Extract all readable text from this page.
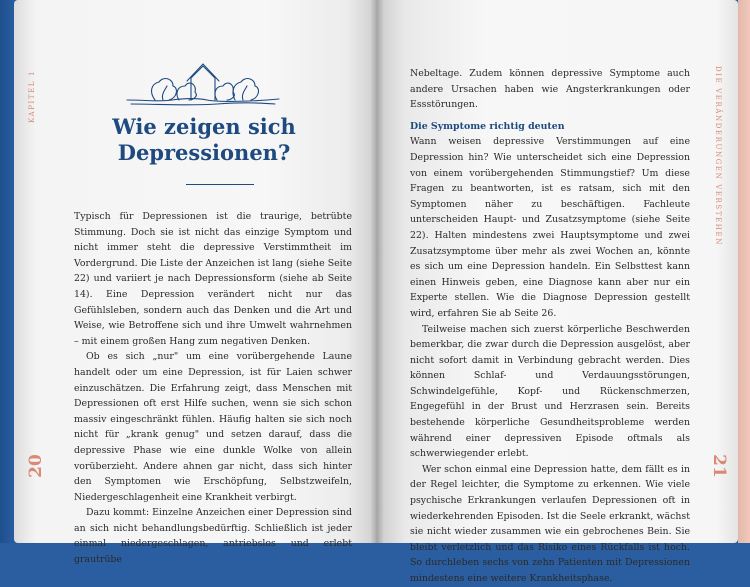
KAPITEL 1
20
Wie zeigen sich Depressionen?

Typisch für Depressionen ist die traurige, betrübte Stimmung. Doch sie ist nicht das einzige Symptom und nicht immer steht die depressive Verstimmtheit im Vordergrund. Die Liste der Anzeichen ist lang (siehe Seite 22) und variiert je nach Depressionsform (siehe ab Seite 14). Eine Depression verändert nicht nur das Gefühlsleben, sondern auch das Denken und die Art und Weise, wie Betroffene sich und ihre Umwelt wahrnehmen – mit einem großen Hang zum negativen Denken.

Ob es sich „nur" um eine vorübergehende Laune handelt oder um eine Depression, ist für Laien schwer einzuschätzen. Die Erfahrung zeigt, dass Menschen mit Depressionen oft erst Hilfe suchen, wenn sie sich schon massiv eingeschränkt fühlen. Häufig halten sie sich noch nicht für „krank genug" und setzen darauf, dass die depressive Phase wie eine dunkle Wolke von allein vorüberzieht. Andere ahnen gar nicht, dass sich hinter den Symptomen wie Erschöpfung, Selbstzweifeln, Niedergeschlagenheit eine Krankheit verbirgt.

Dazu kommt: Einzelne Anzeichen einer Depression sind an sich nicht behandlungsbedürftig. Schließlich ist jeder einmal niedergeschlagen, antriebslos und erlebt grautrübe

DIE VERÄNDERUNGEN VERSTEHEN
21

Nebeltage. Zudem können depressive Symptome auch andere Ursachen haben wie Angsterkrankungen oder Essstörungen.

Die Symptome richtig deuten

Wann weisen depressive Verstimmungen auf eine Depression hin? Wie unterscheidet sich eine Depression von einem vorübergehenden Stimmungstief? Um diese Fragen zu beantworten, ist es ratsam, sich mit den Symptomen näher zu beschäftigen. Fachleute unterscheiden Haupt- und Zusatzsymptome (siehe Seite 22). Halten mindestens zwei Hauptsymptome und zwei Zusatzsymptome über mehr als zwei Wochen an, könnte es sich um eine Depression handeln. Ein Selbsttest kann einen Hinweis geben, eine Diagnose kann aber nur ein Experte stellen. Wie die Diagnose Depression gestellt wird, erfahren Sie ab Seite 26.

Teilweise machen sich zuerst körperliche Beschwerden bemerkbar, die zwar durch die Depression ausgelöst, aber nicht sofort damit in Verbindung gebracht werden. Dies können Schlaf- und Verdauungsstörungen, Schwindelgefühle, Kopf- und Rückenschmerzen, Engegefühl in der Brust und Herzrasen sein. Bereits bestehende körperliche Gesundheitsprobleme werden während einer depressiven Episode oftmals als schwerwiegender erlebt.

Wer schon einmal eine Depression hatte, dem fällt es in der Regel leichter, die Symptome zu erkennen. Wie viele psychische Erkrankungen verlaufen Depressionen oft in wiederkehrenden Episoden. Ist die Seele erkrankt, wächst sie nicht wieder zusammen wie ein gebrochenes Bein. Sie bleibt verletzlich und das Risiko eines Rückfalls ist hoch. So durchleben sechs von zehn Patienten mit Depressionen mindestens eine weitere Krankheitsphase.
